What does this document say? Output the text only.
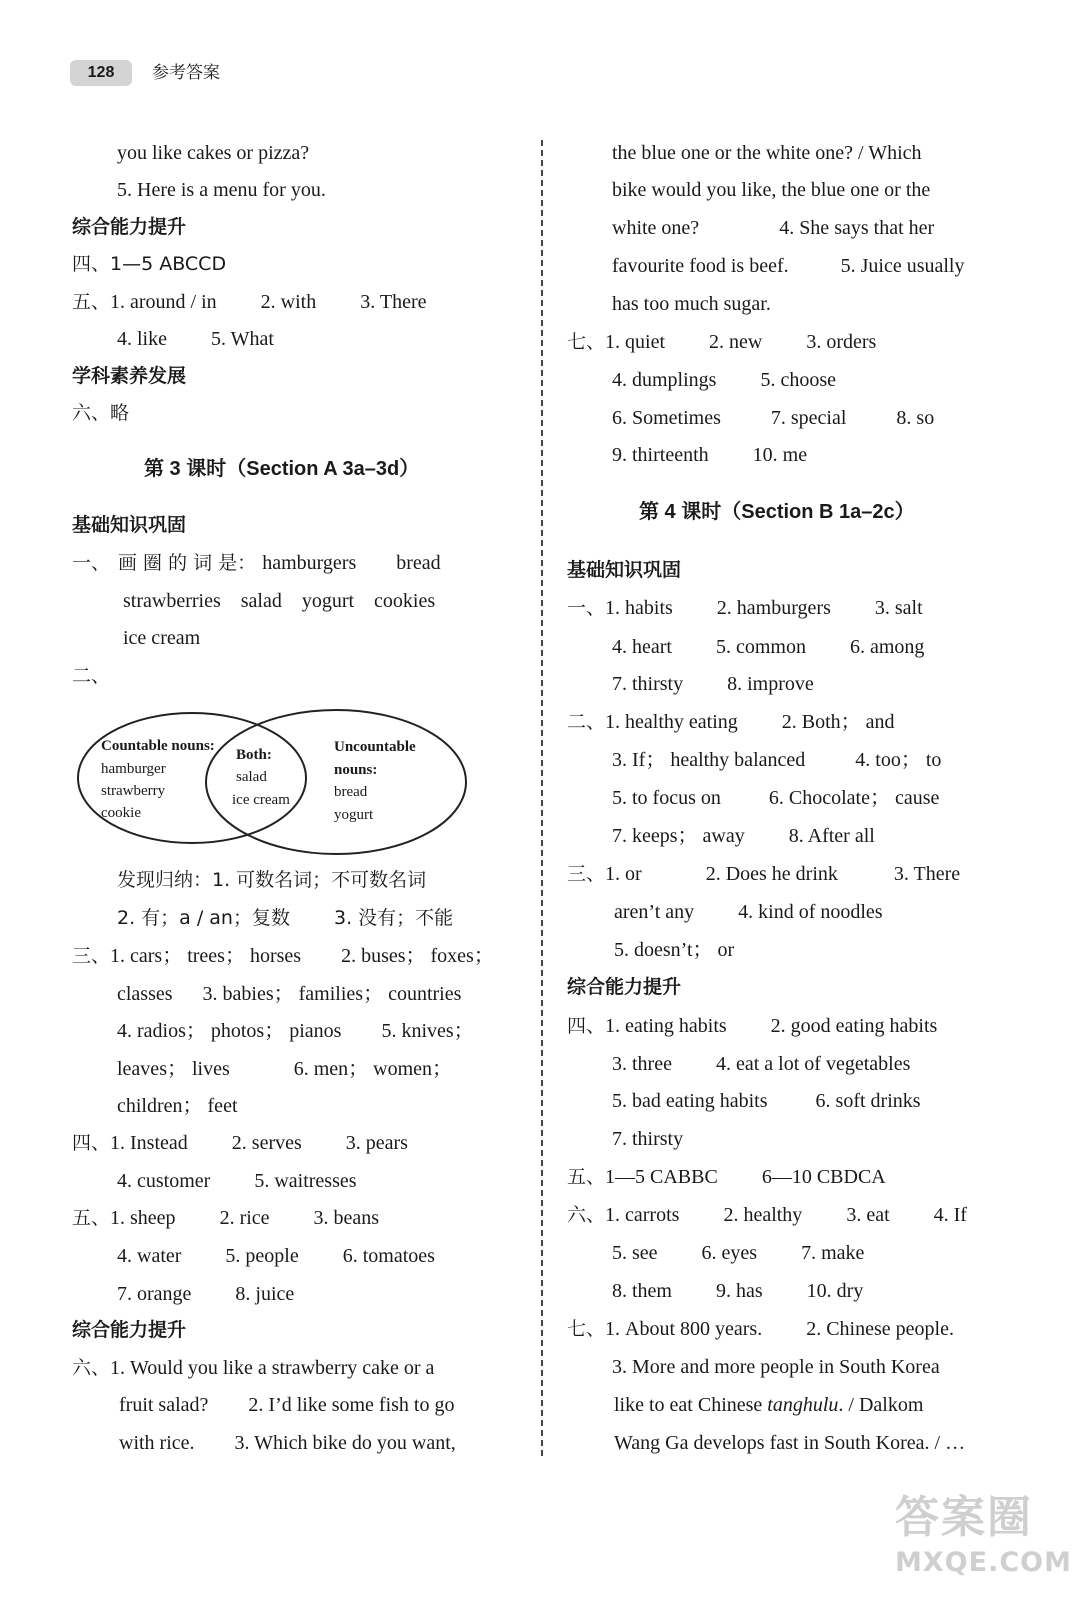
128	参考答案
you like cakes or pizza?
5. Here is a menu for you.
综合能力提升
四、1—5 ABCCD
五、1. around / in 2. with 3. There
4. like 5. What
学科素养发展
六、略
第 3 课时（Section A 3a–3d）
基础知识巩固
一、 画 圈 的 词 是： hamburgers bread
strawberries salad yogurt cookies
ice cream
二、
Countable nouns:
hamburger
strawberry
cookie
Both:
salad
ice cream
Uncountable
nouns:
bread
yogurt
发现归纳：1. 可数名词；不可数名词
2. 有；a / an；复数 3. 没有；不能
三、1. cars； trees； horses 2. buses； foxes；
classes 3. babies； families； countries
4. radios； photos； pianos 5. knives；
leaves； lives	6. men； women；
children； feet
四、1. Instead 2. serves 3. pears
4. customer 5. waitresses
五、1. sheep 2. rice 3. beans
4. water 5. people 6. tomatoes
7. orange 8. juice
综合能力提升
六、1. Would you like a strawberry cake or a
fruit salad? 2. I’d like some fish to go
with rice. 3. Which bike do you want,
the blue one or the white one? / Which
bike would you like, the blue one or the
white one?	4. She says that her
favourite food is beef.	5. Juice usually
has too much sugar.
七、1. quiet 2. new 3. orders
4. dumplings 5. choose
6. Sometimes	7. special	8. so
9. thirteenth 10. me
第 4 课时（Section B 1a–2c）
基础知识巩固
一、1. habits 2. hamburgers 3. salt
4. heart 5. common 6. among
7. thirsty 8. improve
二、1. healthy eating 2. Both； and
3. If； healthy balanced	4. too； to
5. to focus on 6. Chocolate； cause
7. keeps； away 8. After all
三、1. or	2. Does he drink	3. There
aren’t any 4. kind of noodles
5. doesn’t； or
综合能力提升
四、1. eating habits 2. good eating habits
3. three 4. eat a lot of vegetables
5. bad eating habits 6. soft drinks
7. thirsty
五、1—5 CABBC 6—10 CBDCA
六、1. carrots 2. healthy 3. eat 4. If
5. see 6. eyes 7. make
8. them 9. has 10. dry
七、1. About 800 years. 2. Chinese people.
3. More and more people in South Korea
like to eat Chinese tanghulu. / Dalkom
Wang Ga develops fast in South Korea. / …
答案圈
MXQE.COM
